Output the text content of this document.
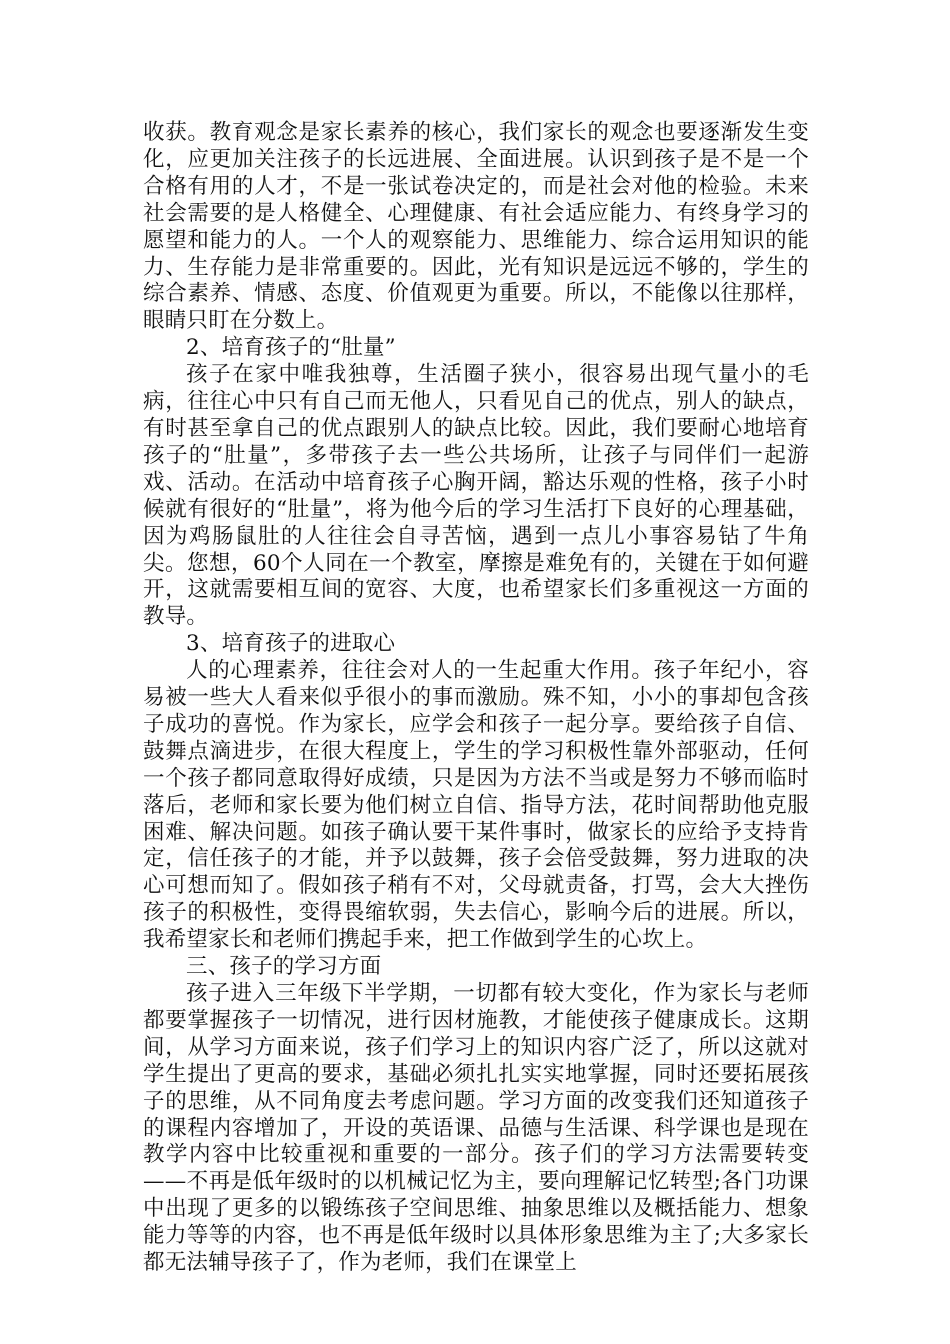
收获。教育观念是家长素养的核心，我们家长的观念也要逐渐发生变化，应更加关注孩子的长远进展、全面进展。认识到孩子是不是一个合格有用的人才，不是一张试卷决定的，而是社会对他的检验。未来社会需要的是人格健全、心理健康、有社会适应能力、有终身学习的愿望和能力的人。一个人的观察能力、思维能力、综合运用知识的能力、生存能力是非常重要的。因此，光有知识是远远不够的，学生的综合素养、情感、态度、价值观更为重要。所以，不能像以往那样，眼睛只盯在分数上。

2、培育孩子的“肚量”

孩子在家中唯我独尊，生活圈子狭小，很容易出现气量小的毛病，往往心中只有自己而无他人，只看见自己的优点，别人的缺点，有时甚至拿自己的优点跟别人的缺点比较。因此，我们要耐心地培育孩子的“肚量”，多带孩子去一些公共场所，让孩子与同伴们一起游戏、活动。在活动中培育孩子心胸开阔，豁达乐观的性格，孩子小时候就有很好的“肚量”，将为他今后的学习生活打下良好的心理基础，因为鸡肠鼠肚的人往往会自寻苦恼，遇到一点儿小事容易钻了牛角尖。您想，60个人同在一个教室，摩擦是难免有的，关键在于如何避开，这就需要相互间的宽容、大度，也希望家长们多重视这一方面的教导。

3、培育孩子的进取心

人的心理素养，往往会对人的一生起重大作用。孩子年纪小，容易被一些大人看来似乎很小的事而激励。殊不知，小小的事却包含孩子成功的喜悦。作为家长，应学会和孩子一起分享。要给孩子自信、鼓舞点滴进步，在很大程度上，学生的学习积极性靠外部驱动，任何一个孩子都同意取得好成绩，只是因为方法不当或是努力不够而临时落后，老师和家长要为他们树立自信、指导方法，花时间帮助他克服困难、解决问题。如孩子确认要干某件事时，做家长的应给予支持肯定，信任孩子的才能，并予以鼓舞，孩子会倍受鼓舞，努力进取的决心可想而知了。假如孩子稍有不对，父母就责备，打骂，会大大挫伤孩子的积极性，变得畏缩软弱，失去信心，影响今后的进展。所以，我希望家长和老师们携起手来，把工作做到学生的心坎上。

三、孩子的学习方面

孩子进入三年级下半学期，一切都有较大变化，作为家长与老师都要掌握孩子一切情况，进行因材施教，才能使孩子健康成长。这期间，从学习方面来说，孩子们学习上的知识内容广泛了，所以这就对学生提出了更高的要求，基础必须扎扎实实地掌握，同时还要拓展孩子的思维，从不同角度去考虑问题。学习方面的改变我们还知道孩子的课程内容增加了，开设的英语课、品德与生活课、科学课也是现在教学内容中比较重视和重要的一部分。孩子们的学习方法需要转变——不再是低年级时的以机械记忆为主，要向理解记忆转型;各门功课中出现了更多的以锻练孩子空间思维、抽象思维以及概括能力、想象能力等等的内容，也不再是低年级时以具体形象思维为主了;大多家长都无法辅导孩子了，作为老师，我们在课堂上
